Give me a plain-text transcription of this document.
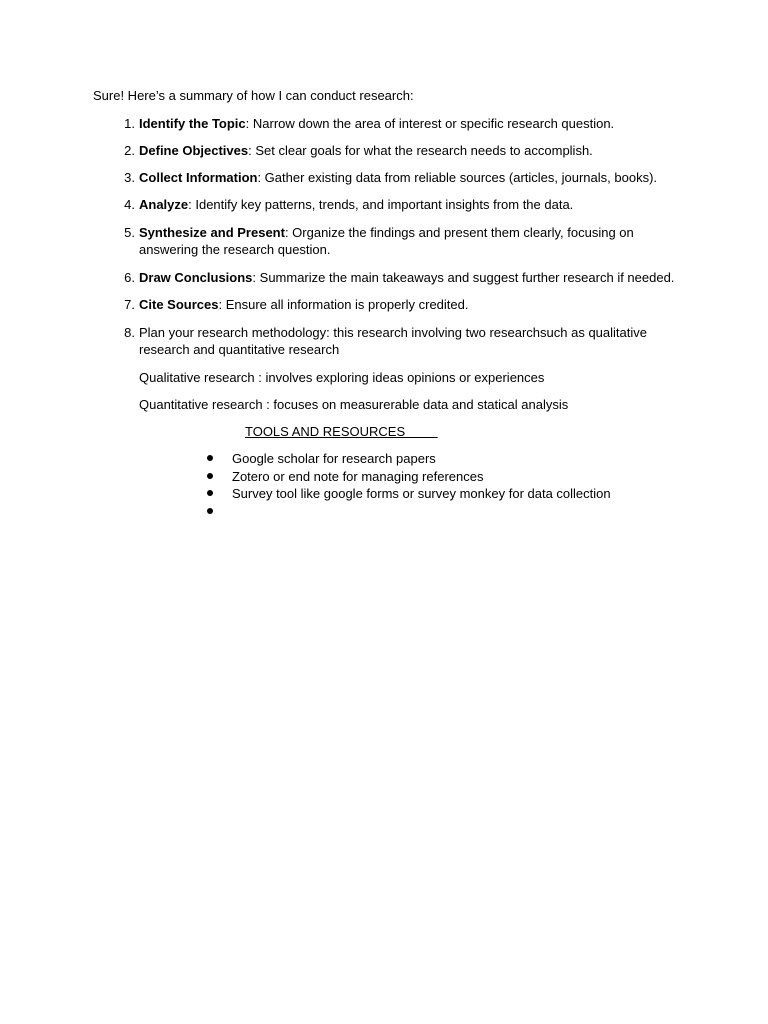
Sure! Here’s a summary of how I can conduct research:
1. Identify the Topic: Narrow down the area of interest or specific research question.
2. Define Objectives: Set clear goals for what the research needs to accomplish.
3. Collect Information: Gather existing data from reliable sources (articles, journals, books).
4. Analyze: Identify key patterns, trends, and important insights from the data.
5. Synthesize and Present: Organize the findings and present them clearly, focusing on answering the research question.
6. Draw Conclusions: Summarize the main takeaways and suggest further research if needed.
7. Cite Sources: Ensure all information is properly credited.
8. Plan your research methodology: this research involving two researchsuch as qualitative research and quantitative research
Qualitative research : involves exploring ideas opinions or experiences
Quantitative research : focuses on measurerable data and statical analysis
TOOLS AND RESOURCES
Google scholar for research papers
Zotero or end note for managing references
Survey tool like google forms or survey monkey for data collection
